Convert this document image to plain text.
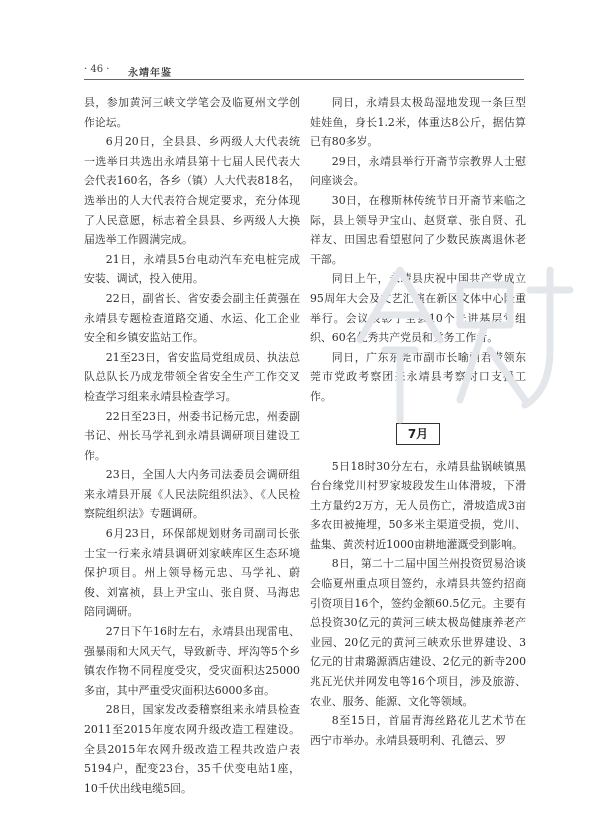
· 46 · 永靖年鉴

县，参加黄河三峡文学笔会及临夏州文学创作论坛。

6月20日，全县县、乡两级人大代表统一选举日共选出永靖县第十七届人民代表大会代表160名，各乡（镇）人大代表818名，选举出的人大代表符合规定要求，充分体现了人民意愿，标志着全县县、乡两级人大换届选举工作圆满完成。

21日，永靖县5台电动汽车充电桩完成安装、调试，投入使用。

22日，副省长、省安委会副主任黄强在永靖县专题检查道路交通、水运、化工企业安全和乡镇安监站工作。

21至23日，省安监局党组成员、执法总队总队长乃成龙带领全省安全生产工作交叉检查学习组来永靖县检查学习。

22日至23日，州委书记杨元忠，州委副书记、州长马学礼到永靖县调研项目建设工作。

23日，全国人大内务司法委员会调研组来永靖县开展《人民法院组织法》、《人民检察院组织法》专题调研。

6月23日，环保部规划财务司副司长张士宝一行来永靖县调研刘家峡库区生态环境保护项目。州上领导杨元忠、马学礼、蔚俊、刘富祯，县上尹宝山、张自贤、马海忠陪同调研。

27日下午16时左右，永靖县出现雷电、强暴雨和大风天气，导致新寺、坪沟等5个乡镇农作物不同程度受灾，受灾面积达25000多亩，其中严重受灾面积达6000多亩。

28日，国家发改委稽察组来永靖县检查2011至2015年度农网升级改造工程建设。全县2015年农网升级改造工程共改造户表5194户，配变23台，35千伏变电站1座，10千伏出线电缆5回。

同日，永靖县太极岛湿地发现一条巨型娃娃鱼，身长1.2米，体重达8公斤，据估算已有80多岁。

29日，永靖县举行开斋节宗教界人士慰问座谈会。

30日，在穆斯林传统节日开斋节来临之际，县上领导尹宝山、赵贤章、张自贤、孔祥友、田国忠看望慰问了少数民族离退休老干部。

同日上午，永靖县庆祝中国共产党成立95周年大会及文艺汇演在新区文体中心隆重举行。会议表彰了全县10个先进基层党组织、60名优秀共产党员和党务工作者。

同日，广东东莞市副市长喻丽君带领东莞市党政考察团来永靖县考察对口支援工作。

7月

5日18时30分左右，永靖县盐锅峡镇黑台台缘党川村罗家坡段发生山体滑坡，下滑土方量约2万方，无人员伤亡，滑坡造成3亩多农田被掩埋，50多米主渠道受损，党川、盐集、黄茨村近1000亩耕地灌溉受到影响。

8日，第二十二届中国兰州投资贸易洽谈会临夏州重点项目签约，永靖县共签约招商引资项目16个，签约金额60.5亿元。主要有总投资30亿元的黄河三峡太极岛健康养老产业园、20亿元的黄河三峡欢乐世界建设、3亿元的甘肃璐源酒店建设、2亿元的新寺200兆瓦光伏并网发电等16个项目，涉及旅游、农业、服务、能源、文化等领域。

8至15日，首届青海丝路花儿艺术节在西宁市举办。永靖县聂明利、孔德云、罗
